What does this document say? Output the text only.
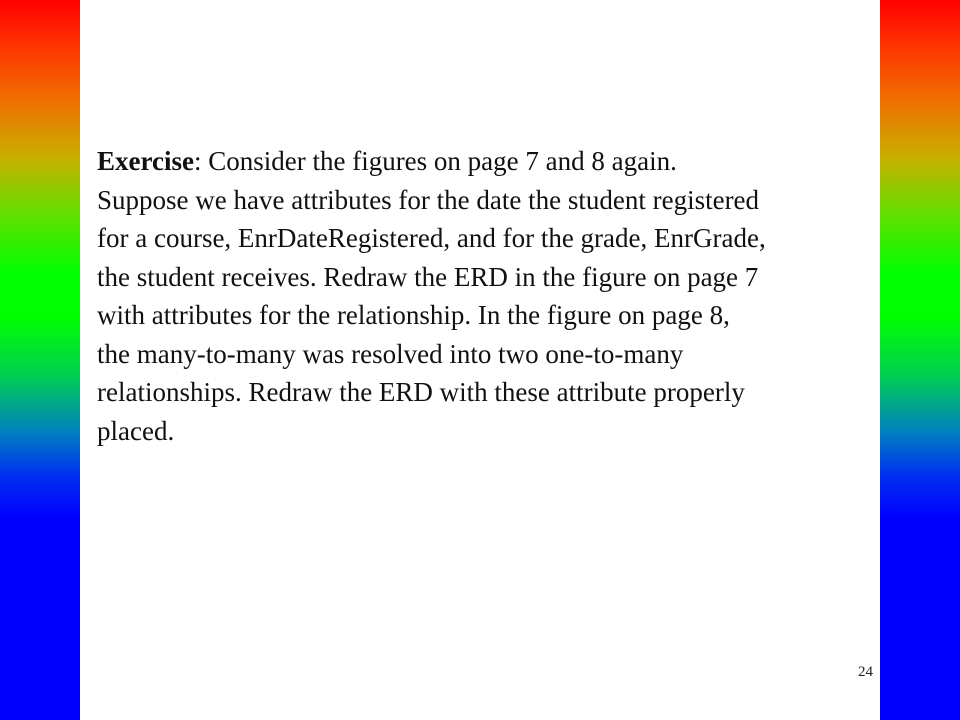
Exercise: Consider the figures on page 7 and 8 again.
Suppose we have attributes for the date the student registered
for a course, EnrDateRegistered, and for the grade, EnrGrade,
the student receives. Redraw the ERD in the figure on page 7
with attributes for the relationship. In the figure on page 8,
the many-to-many was resolved into two one-to-many
relationships. Redraw the ERD with these attribute properly
placed.

24
